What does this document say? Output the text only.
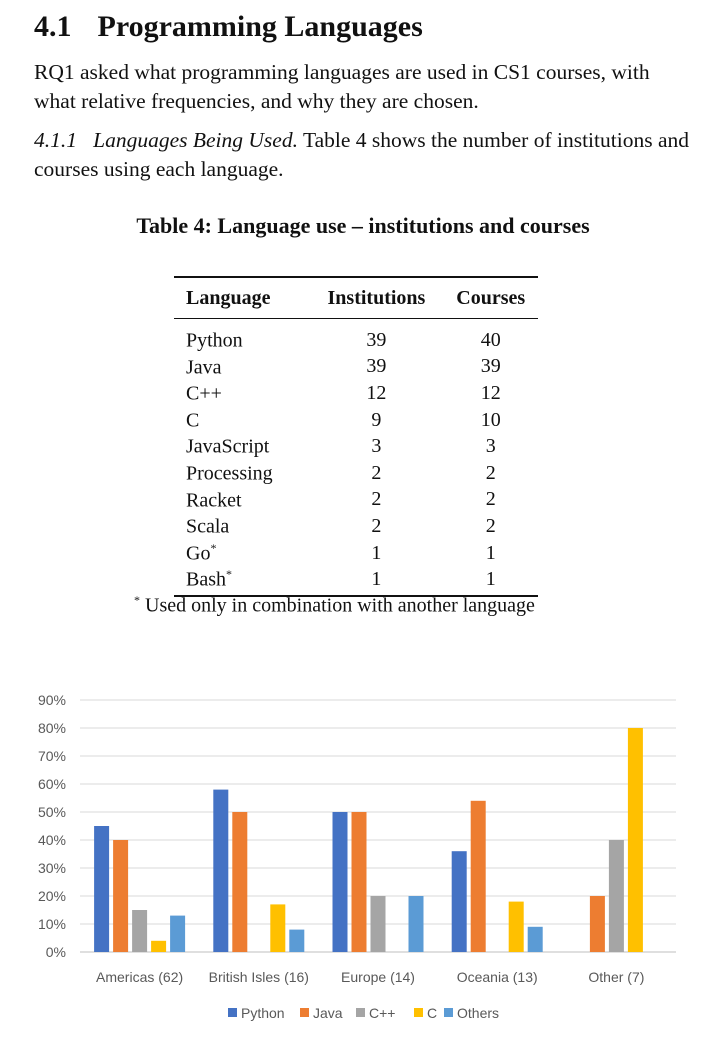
4.1 Programming Languages

RQ1 asked what programming languages are used in CS1 courses, with what relative frequencies, and why they are chosen.

4.1.1 Languages Being Used. Table 4 shows the number of institutions and courses using each language.

Table 4: Language use – institutions and courses

Language	Institutions	Courses
Python	39	40
Java	39	39
C++	12	12
C	9	10
JavaScript	3	3
Processing	2	2
Racket	2	2
Scala	2	2
Go*	1	1
Bash*	1	1

* Used only in combination with another language

0%
10%
20%
30%
40%
50%
60%
70%
80%
90%
Americas (62) British Isles (16) Europe (14)	Oceania (13)	Other (7)
Python Java C++ C Others
